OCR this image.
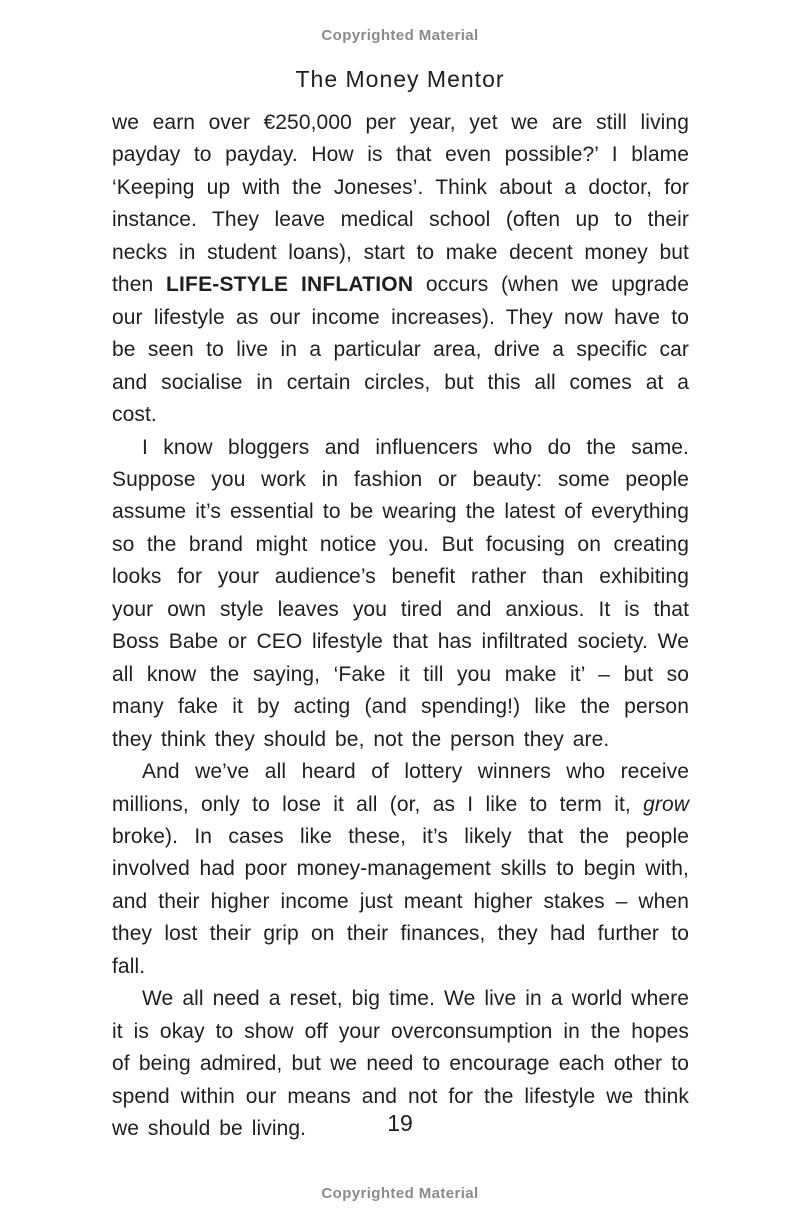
Copyrighted Material
The Money Mentor

we earn over €250,000 per year, yet we are still living payday to payday. How is that even possible?’ I blame ‘Keeping up with the Joneses’. Think about a doctor, for instance. They leave medical school (often up to their necks in student loans), start to make decent money but then LIFE-STYLE INFLATION occurs (when we upgrade our lifestyle as our income increases). They now have to be seen to live in a particular area, drive a specific car and socialise in certain circles, but this all comes at a cost.

I know bloggers and influencers who do the same. Suppose you work in fashion or beauty: some people assume it’s essential to be wearing the latest of everything so the brand might notice you. But focusing on creating looks for your audience’s benefit rather than exhibiting your own style leaves you tired and anxious. It is that Boss Babe or CEO lifestyle that has infiltrated society. We all know the saying, ‘Fake it till you make it’ – but so many fake it by acting (and spending!) like the person they think they should be, not the person they are.

And we’ve all heard of lottery winners who receive millions, only to lose it all (or, as I like to term it, grow broke). In cases like these, it’s likely that the people involved had poor money-management skills to begin with, and their higher income just meant higher stakes – when they lost their grip on their finances, they had further to fall.

We all need a reset, big time. We live in a world where it is okay to show off your overconsumption in the hopes of being admired, but we need to encourage each other to spend within our means and not for the lifestyle we think we should be living.	19
Copyrighted Material
